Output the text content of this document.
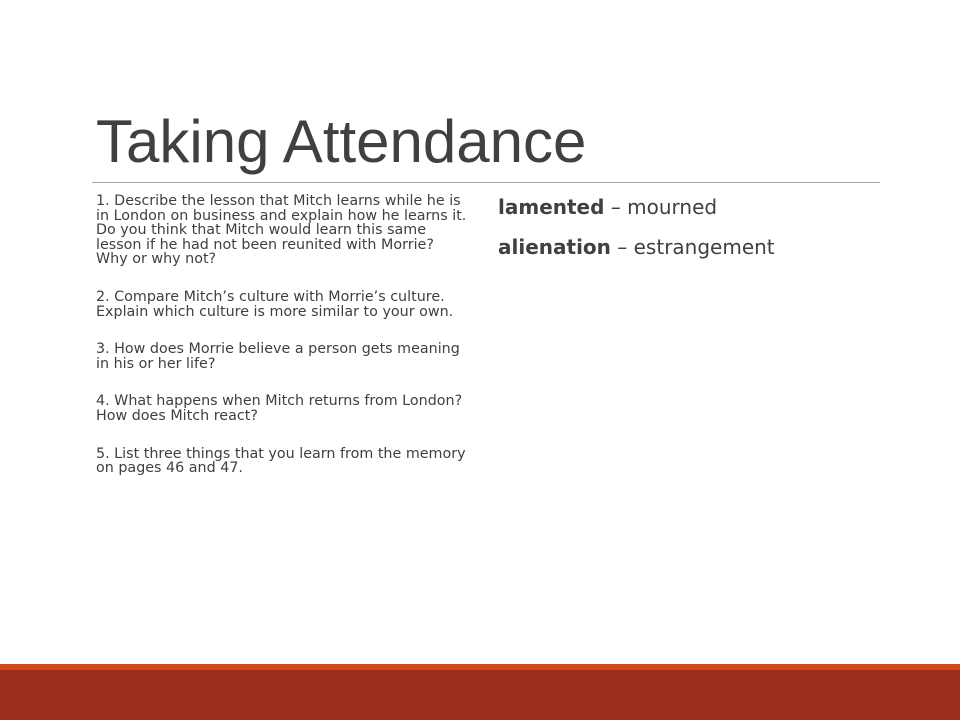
Taking Attendance
1. Describe the lesson that Mitch learns while he is in London on business and explain how he learns it. Do you think that Mitch would learn this same lesson if he had not been reunited with Morrie? Why or why not?
2. Compare Mitch’s culture with Morrie’s culture. Explain which culture is more similar to your own.
3. How does Morrie believe a person gets meaning in his or her life?
4. What happens when Mitch returns from London? How does Mitch react?
5. List three things that you learn from the memory on pages 46 and 47.
lamented – mourned
alienation – estrangement
